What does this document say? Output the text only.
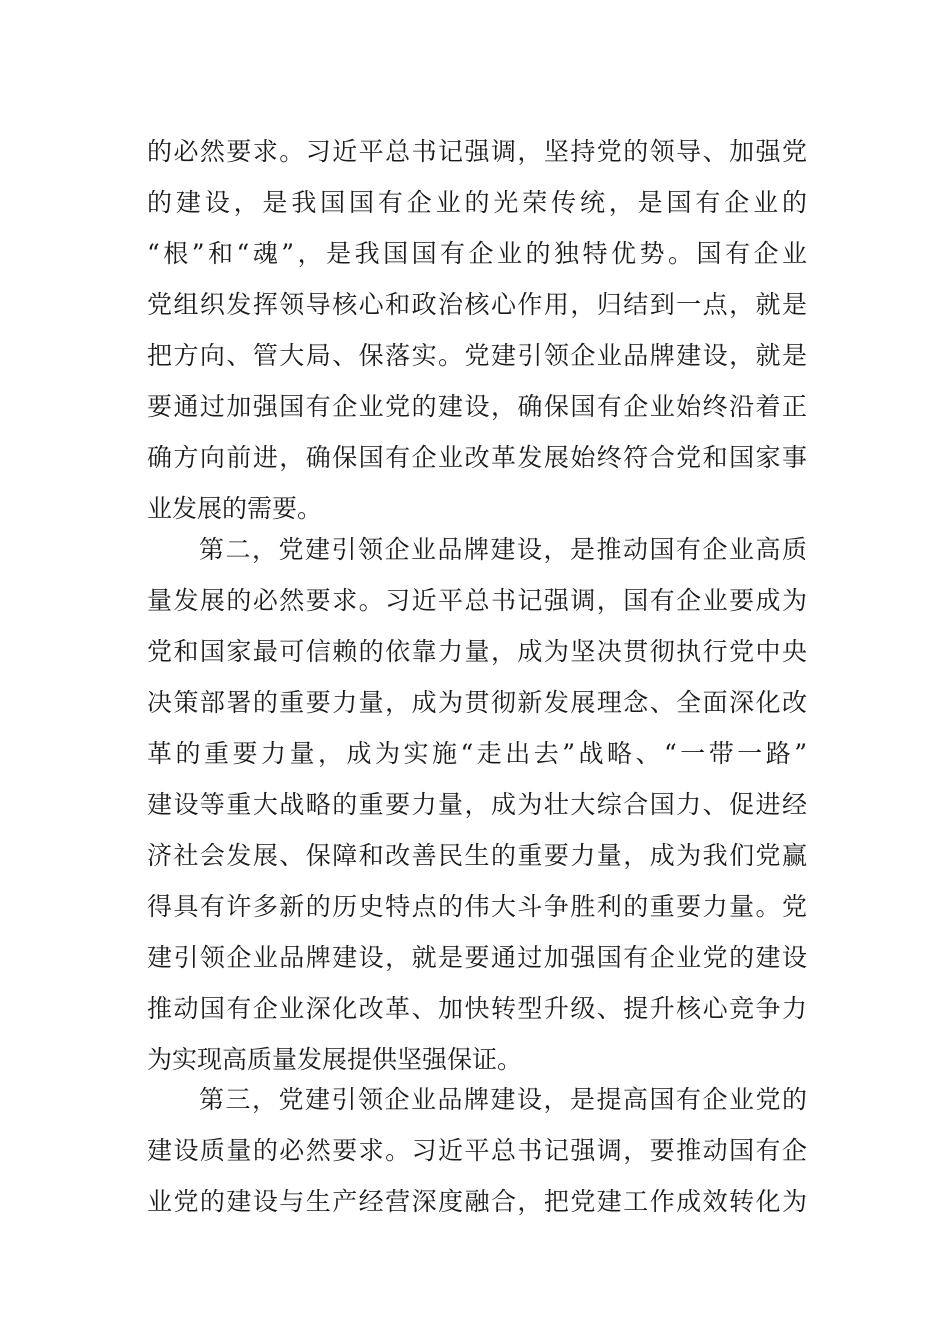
的必然要求。习近平总书记强调，坚持党的领导、加强党
的建设，是我国国有企业的光荣传统，是国有企业的
“根”和“魂”，是我国国有企业的独特优势。国有企业
党组织发挥领导核心和政治核心作用，归结到一点，就是
把方向、管大局、保落实。党建引领企业品牌建设，就是
要通过加强国有企业党的建设，确保国有企业始终沿着正
确方向前进，确保国有企业改革发展始终符合党和国家事
业发展的需要。
第二，党建引领企业品牌建设，是推动国有企业高质
量发展的必然要求。习近平总书记强调，国有企业要成为
党和国家最可信赖的依靠力量，成为坚决贯彻执行党中央
决策部署的重要力量，成为贯彻新发展理念、全面深化改
革的重要力量，成为实施“走出去”战略、“一带一路”
建设等重大战略的重要力量，成为壮大综合国力、促进经
济社会发展、保障和改善民生的重要力量，成为我们党赢
得具有许多新的历史特点的伟大斗争胜利的重要力量。党
建引领企业品牌建设，就是要通过加强国有企业党的建设
推动国有企业深化改革、加快转型升级、提升核心竞争力
为实现高质量发展提供坚强保证。
第三，党建引领企业品牌建设，是提高国有企业党的
建设质量的必然要求。习近平总书记强调，要推动国有企
业党的建设与生产经营深度融合，把党建工作成效转化为
